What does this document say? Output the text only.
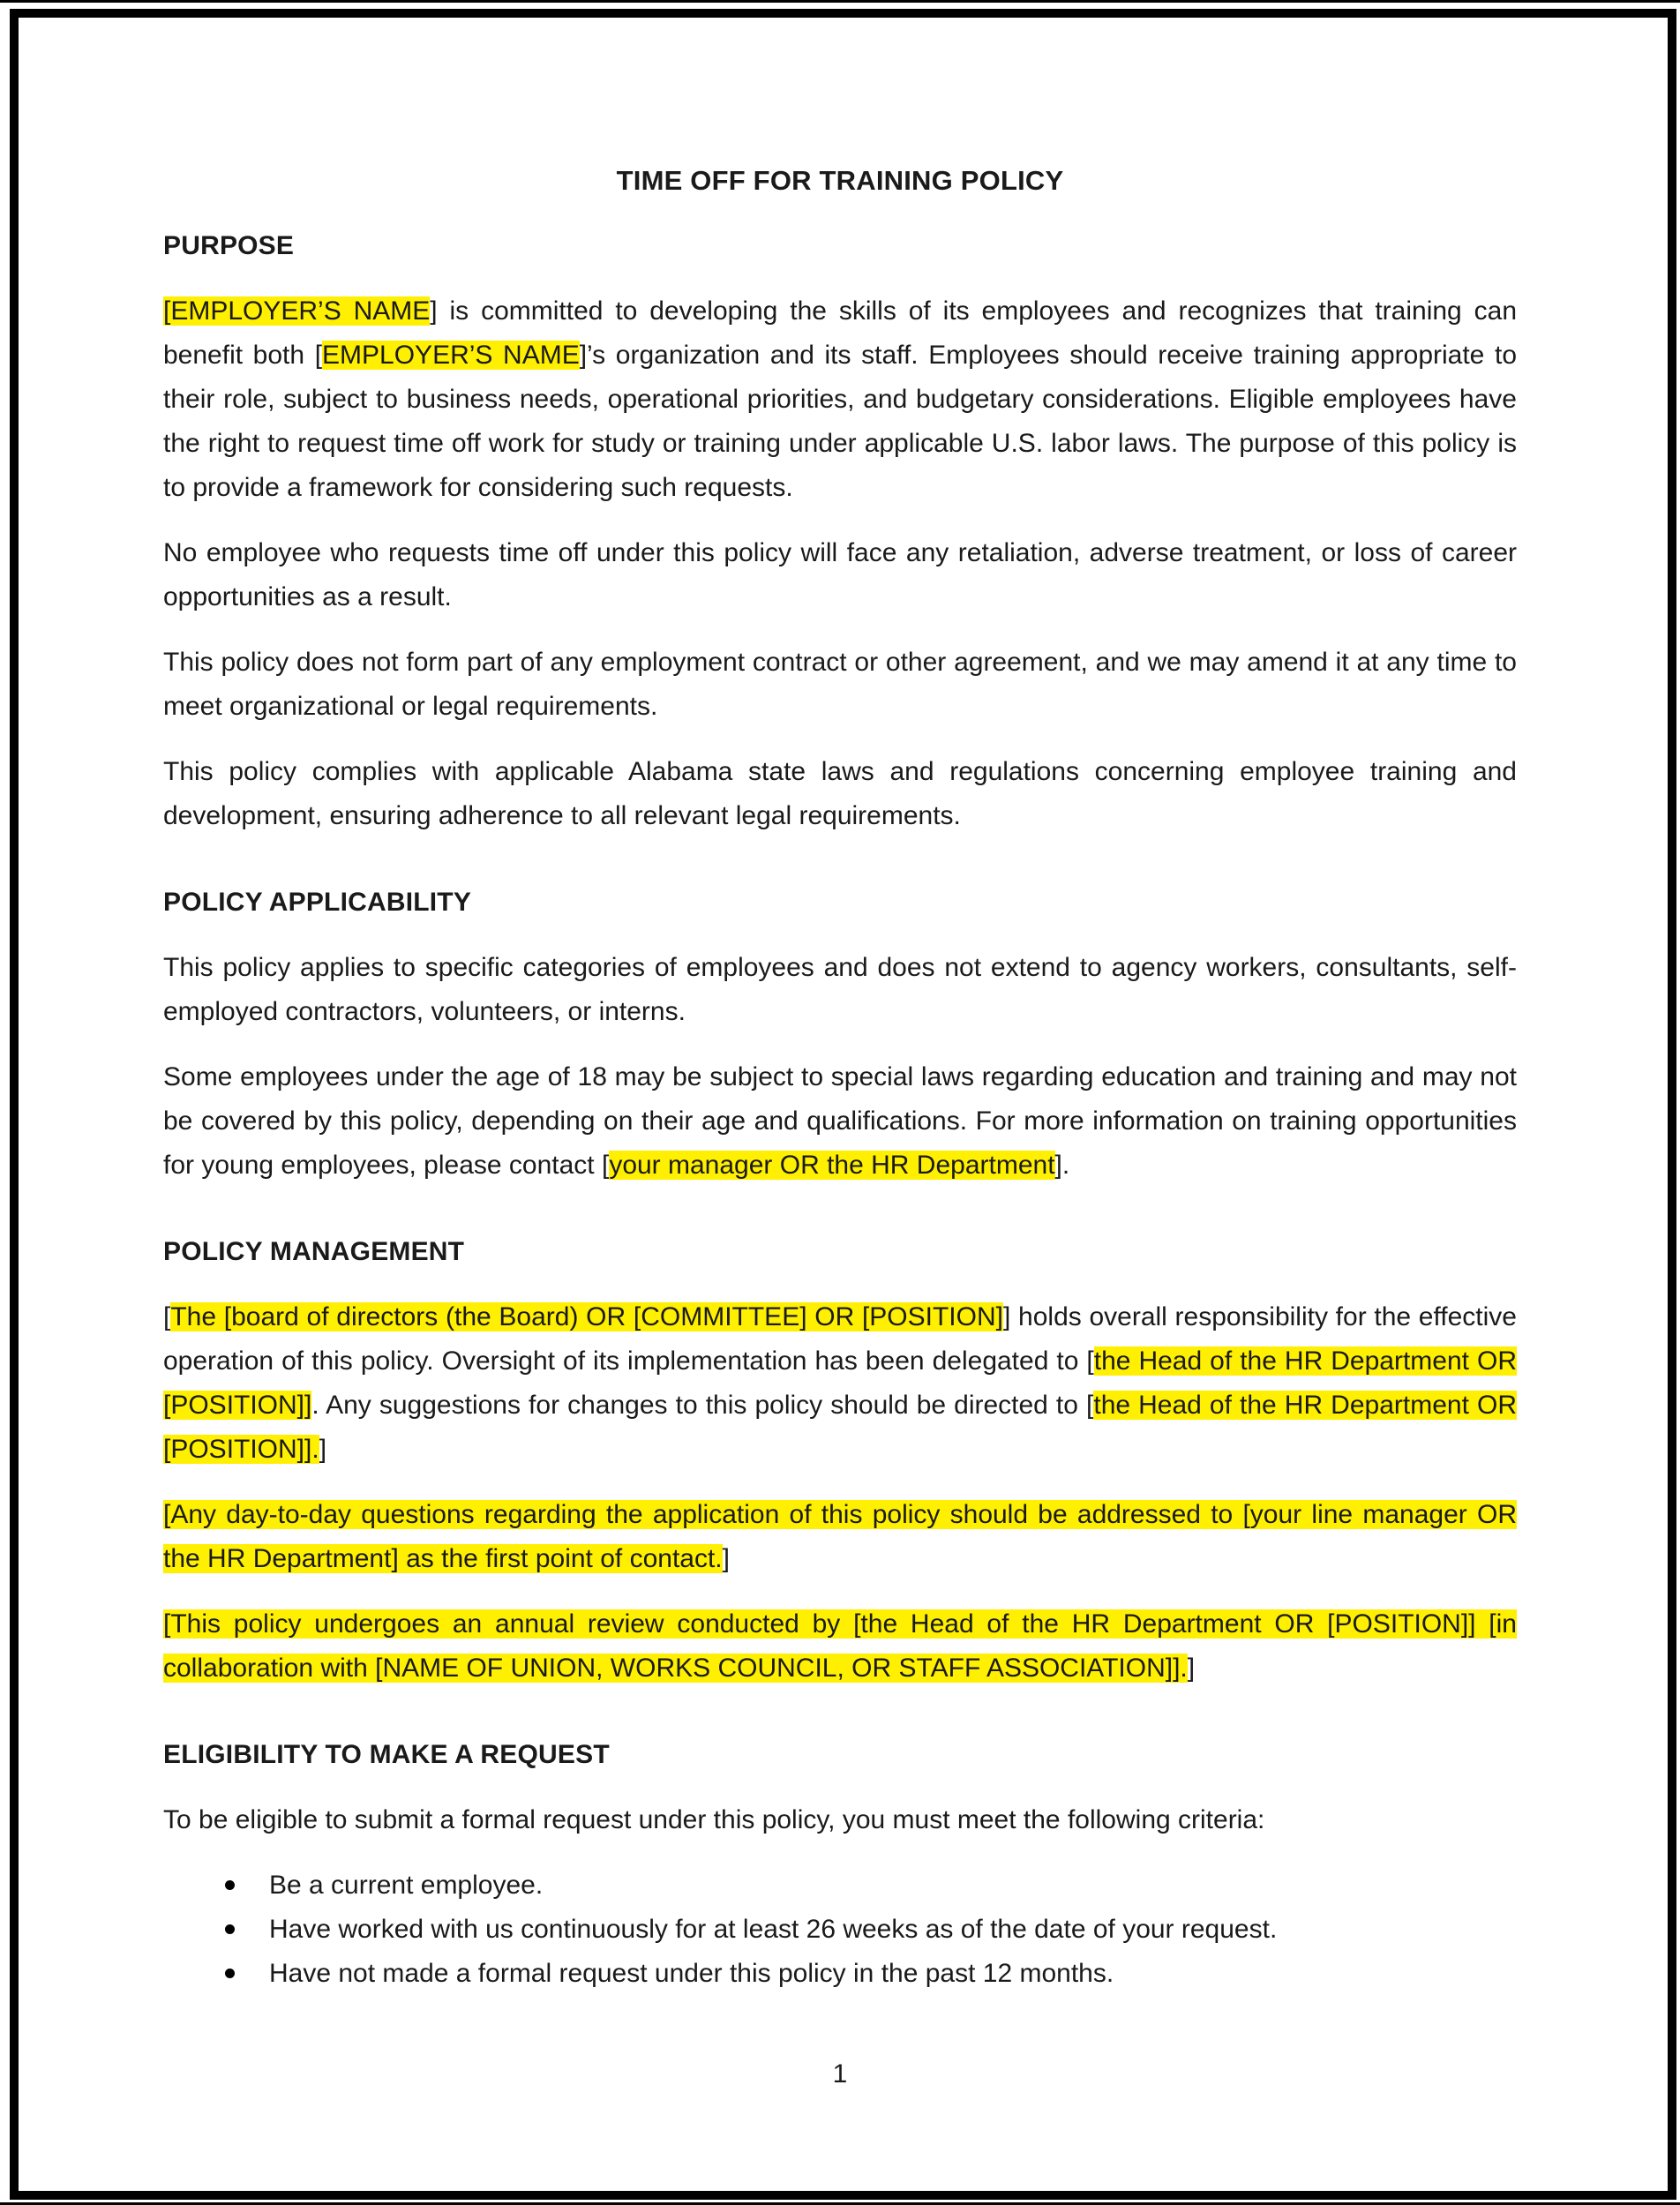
TIME OFF FOR TRAINING POLICY
PURPOSE

[EMPLOYER’S NAME] is committed to developing the skills of its employees and recognizes that training can benefit both [EMPLOYER’S NAME]’s organization and its staff. Employees should receive training appropriate to their role, subject to business needs, operational priorities, and budgetary considerations. Eligible employees have the right to request time off work for study or training under applicable U.S. labor laws. The purpose of this policy is to provide a framework for considering such requests.

No employee who requests time off under this policy will face any retaliation, adverse treatment, or loss of career opportunities as a result.

This policy does not form part of any employment contract or other agreement, and we may amend it at any time to meet organizational or legal requirements.

This policy complies with applicable Alabama state laws and regulations concerning employee training and development, ensuring adherence to all relevant legal requirements.

POLICY APPLICABILITY

This policy applies to specific categories of employees and does not extend to agency workers, consultants, self-employed contractors, volunteers, or interns.

Some employees under the age of 18 may be subject to special laws regarding education and training and may not be covered by this policy, depending on their age and qualifications. For more information on training opportunities for young employees, please contact [your manager OR the HR Department].

POLICY MANAGEMENT

[The [board of directors (the Board) OR [COMMITTEE] OR [POSITION]] holds overall responsibility for the effective operation of this policy. Oversight of its implementation has been delegated to [the Head of the HR Department OR [POSITION]]. Any suggestions for changes to this policy should be directed to [the Head of the HR Department OR [POSITION]].]

[Any day-to-day questions regarding the application of this policy should be addressed to [your line manager OR the HR Department] as the first point of contact.]

[This policy undergoes an annual review conducted by [the Head of the HR Department OR [POSITION]] [in collaboration with [NAME OF UNION, WORKS COUNCIL, OR STAFF ASSOCIATION]].]

ELIGIBILITY TO MAKE A REQUEST

To be eligible to submit a formal request under this policy, you must meet the following criteria:

Be a current employee.
Have worked with us continuously for at least 26 weeks as of the date of your request.
Have not made a formal request under this policy in the past 12 months.
1
